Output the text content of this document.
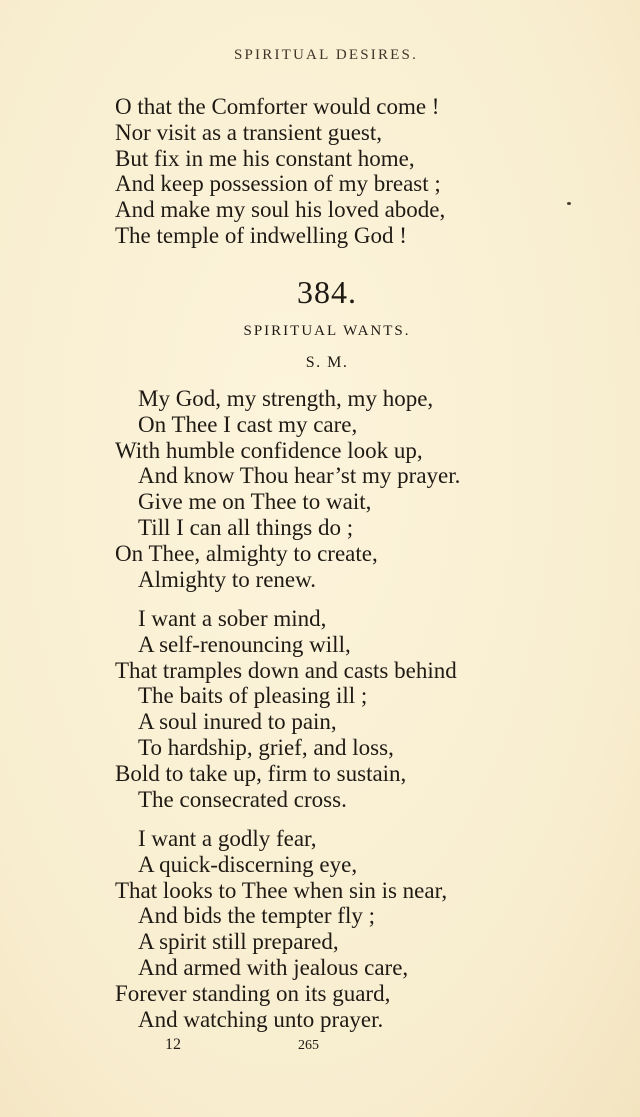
SPIRITUAL DESIRES.
O that the Comforter would come !
Nor visit as a transient guest,
But fix in me his constant home,
And keep possession of my breast ;
And make my soul his loved abode,
The temple of indwelling God !
384.
SPIRITUAL WANTS.
S. M.
My God, my strength, my hope,
On Thee I cast my care,
With humble confidence look up,
And know Thou hear’st my prayer.
Give me on Thee to wait,
Till I can all things do ;
On Thee, almighty to create,
Almighty to renew.
I want a sober mind,
A self-renouncing will,
That tramples down and casts behind
The baits of pleasing ill ;
A soul inured to pain,
To hardship, grief, and loss,
Bold to take up, firm to sustain,
The consecrated cross.
I want a godly fear,
A quick-discerning eye,
That looks to Thee when sin is near,
And bids the tempter fly ;
A spirit still prepared,
And armed with jealous care,
Forever standing on its guard,
And watching unto prayer.
12	265
